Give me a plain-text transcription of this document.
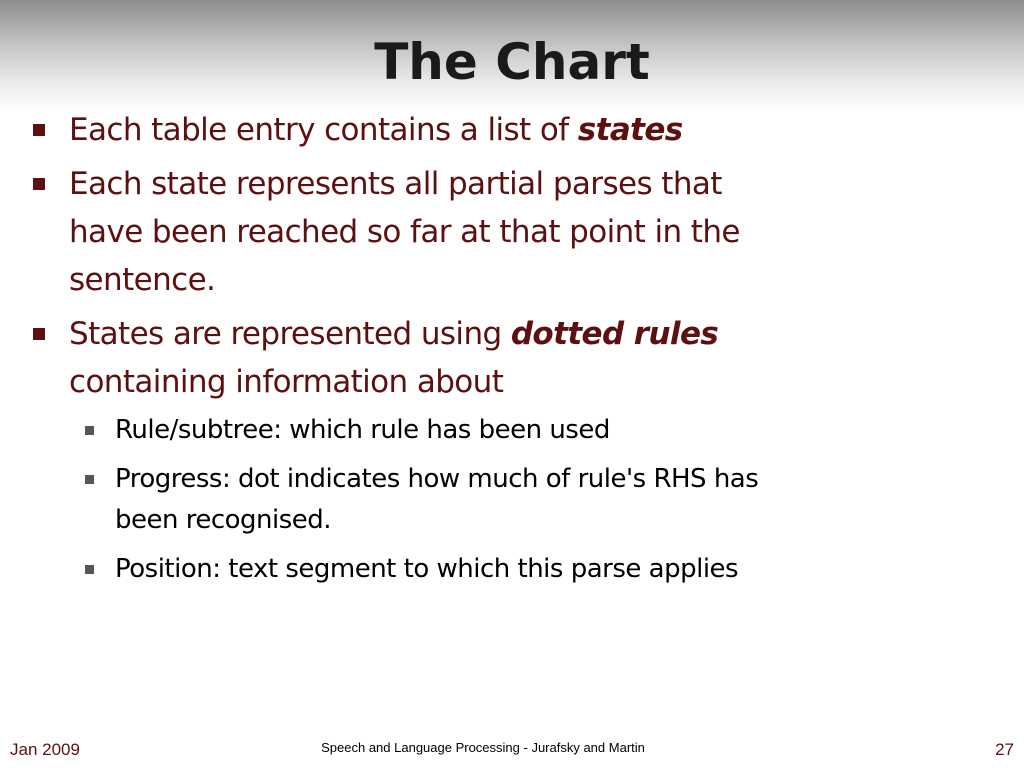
The Chart
Each table entry contains a list of states
Each state represents all partial parses that have been reached so far at that point in the sentence.
States are represented using dotted rules containing information about
Rule/subtree: which rule has been used
Progress: dot indicates how much of rule's RHS has been recognised.
Position: text segment to which this parse applies
Jan 2009	Speech and Language Processing - Jurafsky and Martin	27
